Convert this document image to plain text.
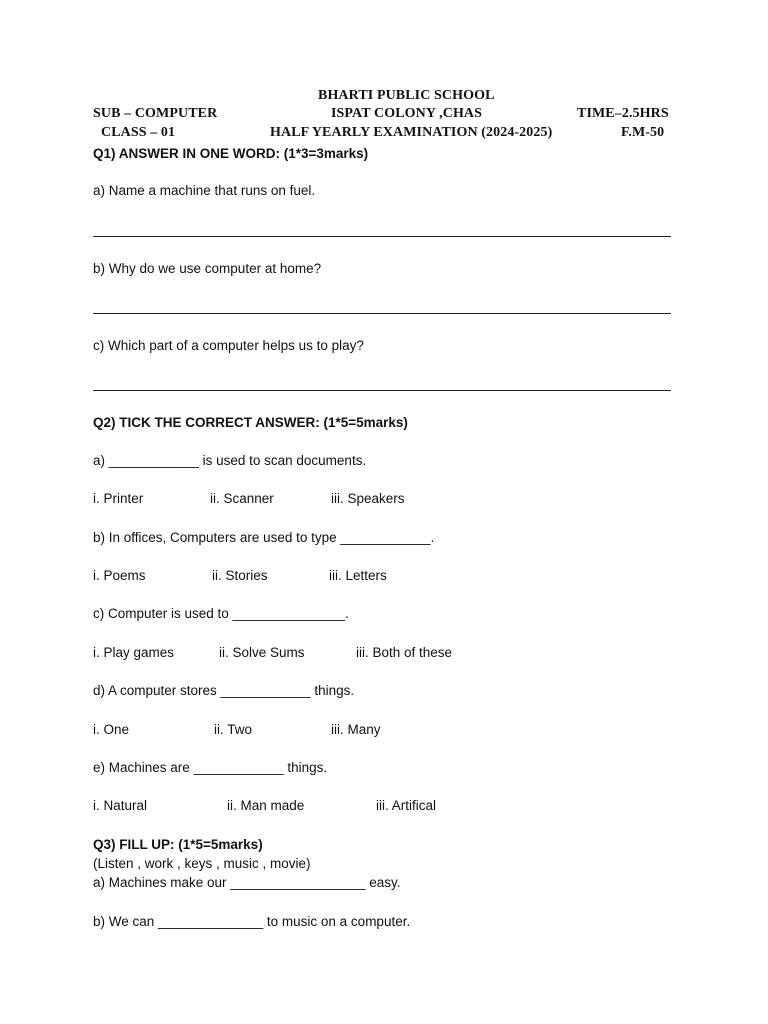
BHARTI PUBLIC SCHOOL
SUB – COMPUTER	ISPAT COLONY ,CHAS	TIME–2.5HRS
CLASS – 01	HALF YEARLY EXAMINATION (2024-2025)	F.M-50
Q1) ANSWER IN ONE WORD: (1*3=3marks)
a) Name a machine that runs on fuel.
b) Why do we use computer at home?
c) Which part of a computer helps us to play?
Q2) TICK THE CORRECT ANSWER: (1*5=5marks)
a) ____________ is used to scan documents.
i. Printer	ii. Scanner	iii. Speakers
b) In offices, Computers are used to type ____________.
i. Poems	ii. Stories	iii. Letters
c) Computer is used to _______________.
i. Play games	ii. Solve Sums	iii. Both of these
d) A computer stores ____________ things.
i. One	ii. Two	iii. Many
e) Machines are ____________ things.
i. Natural	ii. Man made	iii. Artifical
Q3) FILL UP: (1*5=5marks)
(Listen , work , keys , music , movie)
a) Machines make our __________________ easy.
b) We can ______________ to music on a computer.
